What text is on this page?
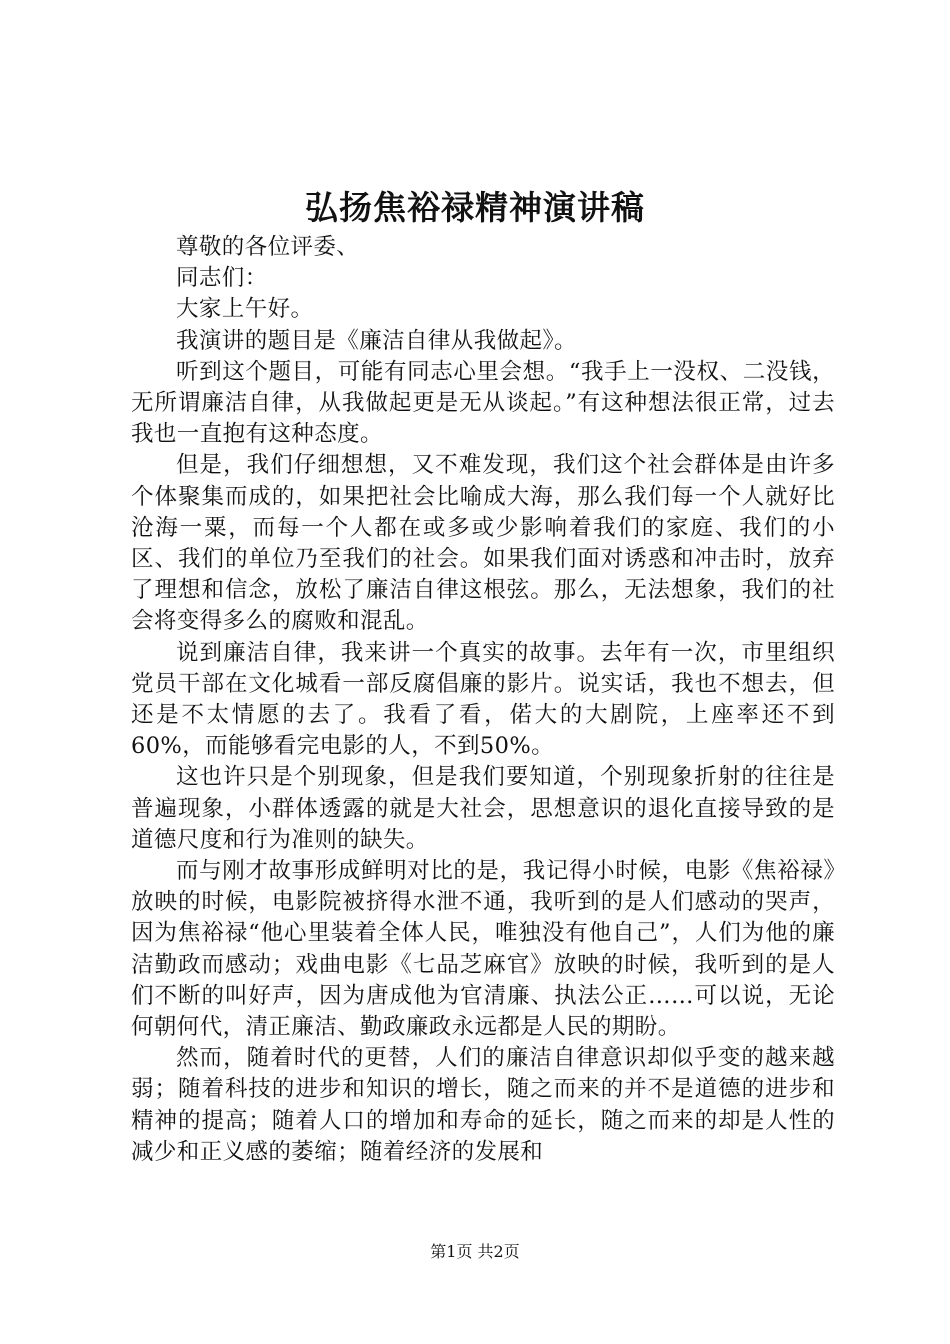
弘扬焦裕禄精神演讲稿

尊敬的各位评委、

同志们：

大家上午好。

我演讲的题目是《廉洁自律从我做起》。

听到这个题目，可能有同志心里会想。“我手上一没权、二没钱，无所谓廉洁自律，从我做起更是无从谈起。”有这种想法很正常，过去我也一直抱有这种态度。

但是，我们仔细想想，又不难发现，我们这个社会群体是由许多个体聚集而成的，如果把社会比喻成大海，那么我们每一个人就好比沧海一粟，而每一个人都在或多或少影响着我们的家庭、我们的小区、我们的单位乃至我们的社会。如果我们面对诱惑和冲击时，放弃了理想和信念，放松了廉洁自律这根弦。那么，无法想象，我们的社会将变得多么的腐败和混乱。

说到廉洁自律，我来讲一个真实的故事。去年有一次，市里组织党员干部在文化城看一部反腐倡廉的影片。说实话，我也不想去，但还是不太情愿的去了。我看了看，偌大的大剧院，上座率还不到60%，而能够看完电影的人，不到50%。

这也许只是个别现象，但是我们要知道，个别现象折射的往往是普遍现象，小群体透露的就是大社会，思想意识的退化直接导致的是道德尺度和行为准则的缺失。

而与刚才故事形成鲜明对比的是，我记得小时候，电影《焦裕禄》放映的时候，电影院被挤得水泄不通，我听到的是人们感动的哭声，因为焦裕禄“他心里装着全体人民，唯独没有他自己”，人们为他的廉洁勤政而感动；戏曲电影《七品芝麻官》放映的时候，我听到的是人们不断的叫好声，因为唐成他为官清廉、执法公正……可以说，无论何朝何代，清正廉洁、勤政廉政永远都是人民的期盼。

然而，随着时代的更替，人们的廉洁自律意识却似乎变的越来越弱；随着科技的进步和知识的增长，随之而来的并不是道德的进步和精神的提高；随着人口的增加和寿命的延长，随之而来的却是人性的减少和正义感的萎缩；随着经济的发展和

第1页 共2页
